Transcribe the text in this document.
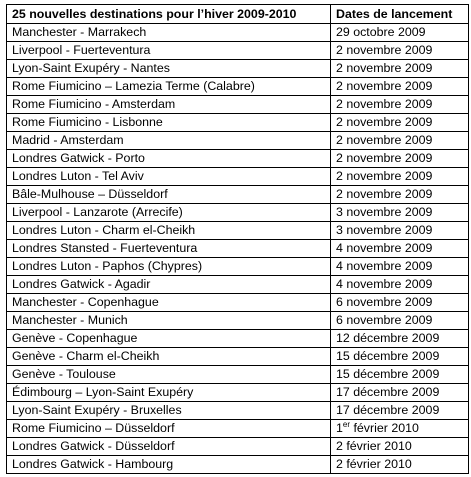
25 nouvelles destinations pour l’hiver 2009-2010	Dates de lancement
Manchester - Marrakech	29 octobre 2009
Liverpool - Fuerteventura	2 novembre 2009
Lyon-Saint Exupéry - Nantes	2 novembre 2009
Rome Fiumicino – Lamezia Terme (Calabre)	2 novembre 2009
Rome Fiumicino - Amsterdam	2 novembre 2009
Rome Fiumicino - Lisbonne	2 novembre 2009
Madrid - Amsterdam	2 novembre 2009
Londres Gatwick - Porto	2 novembre 2009
Londres Luton - Tel Aviv	2 novembre 2009
Bâle-Mulhouse – Düsseldorf	2 novembre 2009
Liverpool - Lanzarote (Arrecife)	3 novembre 2009
Londres Luton - Charm el-Cheikh	3 novembre 2009
Londres Stansted - Fuerteventura	4 novembre 2009
Londres Luton - Paphos (Chypres)	4 novembre 2009
Londres Gatwick - Agadir	4 novembre 2009
Manchester - Copenhague	6 novembre 2009
Manchester - Munich	6 novembre 2009
Genève - Copenhague	12 décembre 2009
Genève - Charm el-Cheikh	15 décembre 2009
Genève - Toulouse	15 décembre 2009
Édimbourg – Lyon-Saint Exupéry	17 décembre 2009
Lyon-Saint Exupéry - Bruxelles	17 décembre 2009
Rome Fiumicino – Düsseldorf	1er février 2010
Londres Gatwick - Düsseldorf	2 février 2010
Londres Gatwick - Hambourg	2 février 2010
